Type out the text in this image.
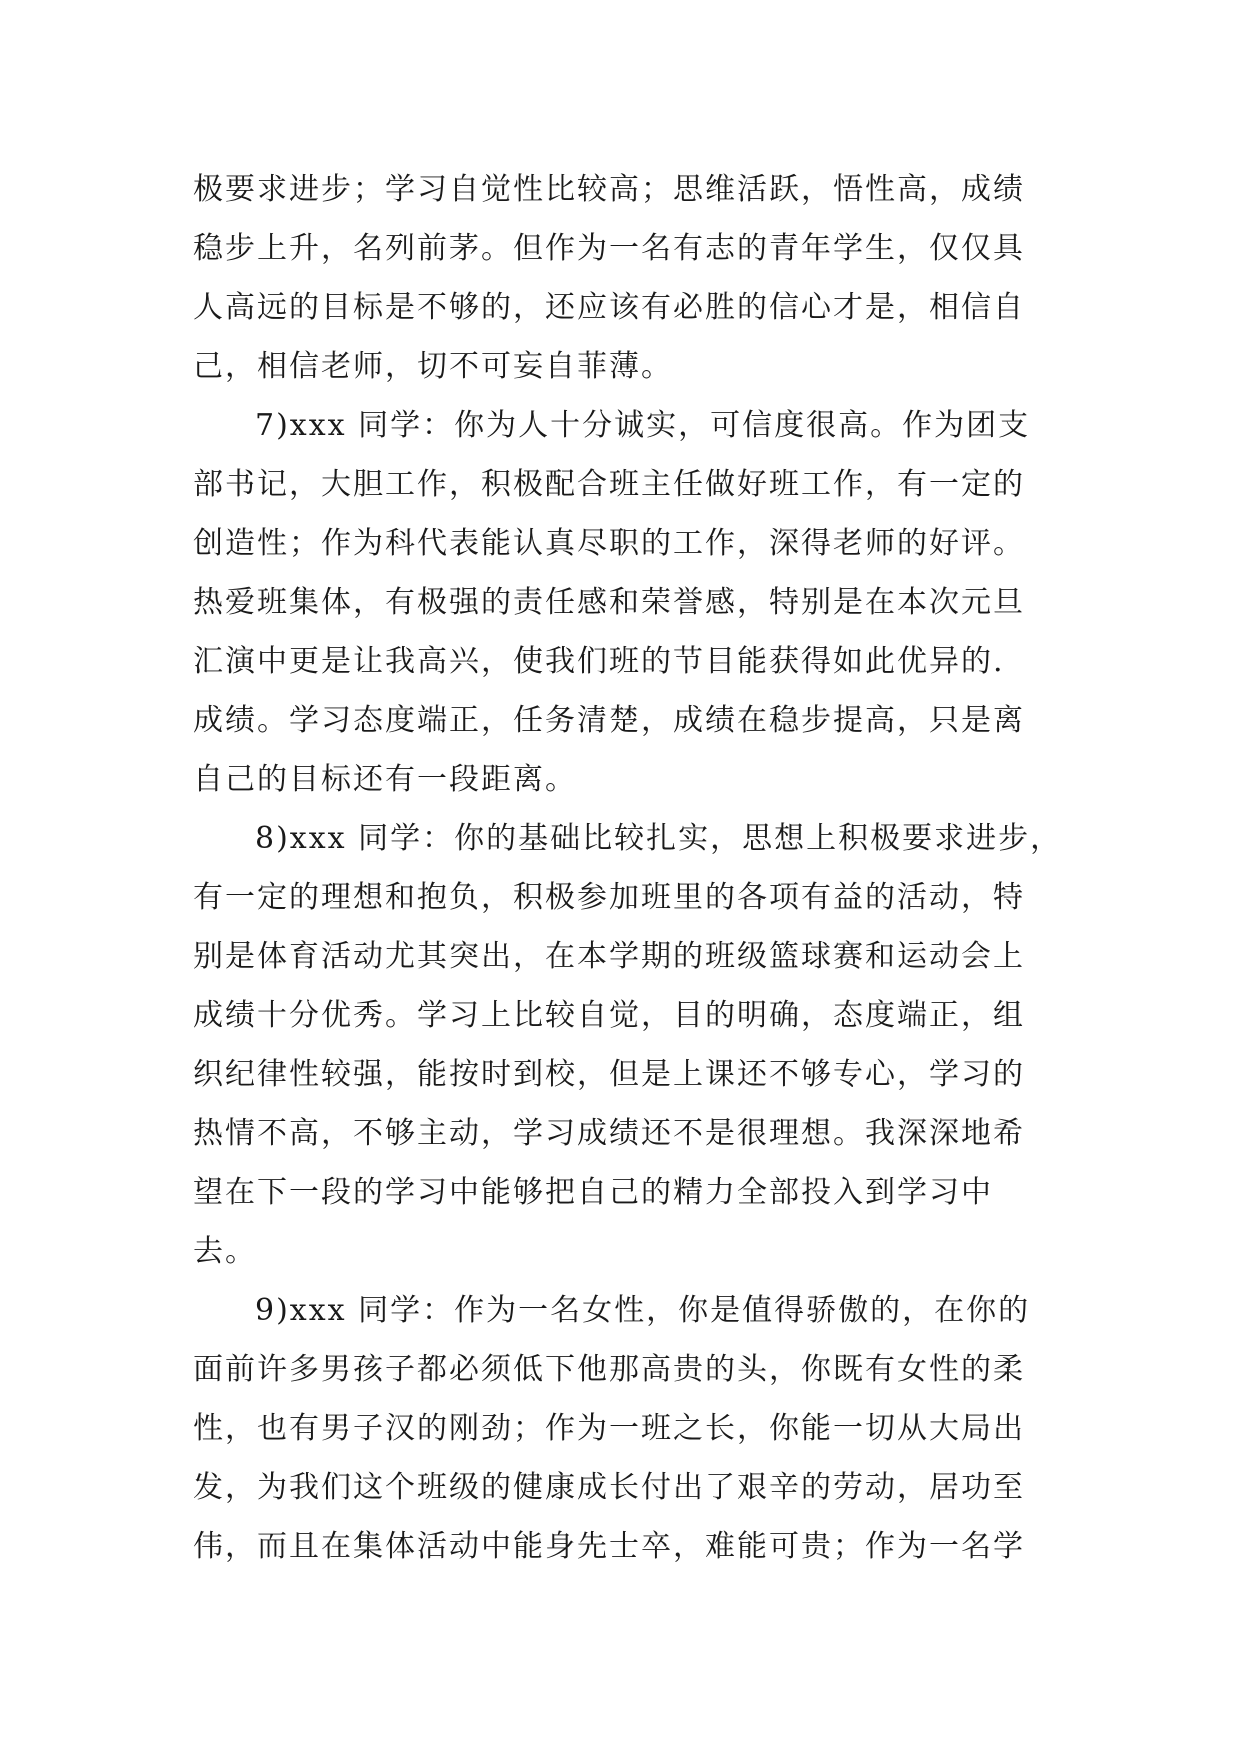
极要求进步；学习自觉性比较高；思维活跃，悟性高，成绩
稳步上升，名列前茅。但作为一名有志的青年学生，仅仅具
人高远的目标是不够的，还应该有必胜的信心才是，相信自
己，相信老师，切不可妄自菲薄。
7)xxx 同学：你为人十分诚实，可信度很高。作为团支
部书记，大胆工作，积极配合班主任做好班工作，有一定的
创造性；作为科代表能认真尽职的工作，深得老师的好评。
热爱班集体，有极强的责任感和荣誉感，特别是在本次元旦
汇演中更是让我高兴，使我们班的节目能获得如此优异的.
成绩。学习态度端正，任务清楚，成绩在稳步提高，只是离
自己的目标还有一段距离。
8)xxx 同学：你的基础比较扎实，思想上积极要求进步，
有一定的理想和抱负，积极参加班里的各项有益的活动，特
别是体育活动尤其突出，在本学期的班级篮球赛和运动会上
成绩十分优秀。学习上比较自觉，目的明确，态度端正，组
织纪律性较强，能按时到校，但是上课还不够专心，学习的
热情不高，不够主动，学习成绩还不是很理想。我深深地希
望在下一段的学习中能够把自己的精力全部投入到学习中
去。
9)xxx 同学：作为一名女性，你是值得骄傲的，在你的
面前许多男孩子都必须低下他那高贵的头，你既有女性的柔
性，也有男子汉的刚劲；作为一班之长，你能一切从大局出
发，为我们这个班级的健康成长付出了艰辛的劳动，居功至
伟，而且在集体活动中能身先士卒，难能可贵；作为一名学
